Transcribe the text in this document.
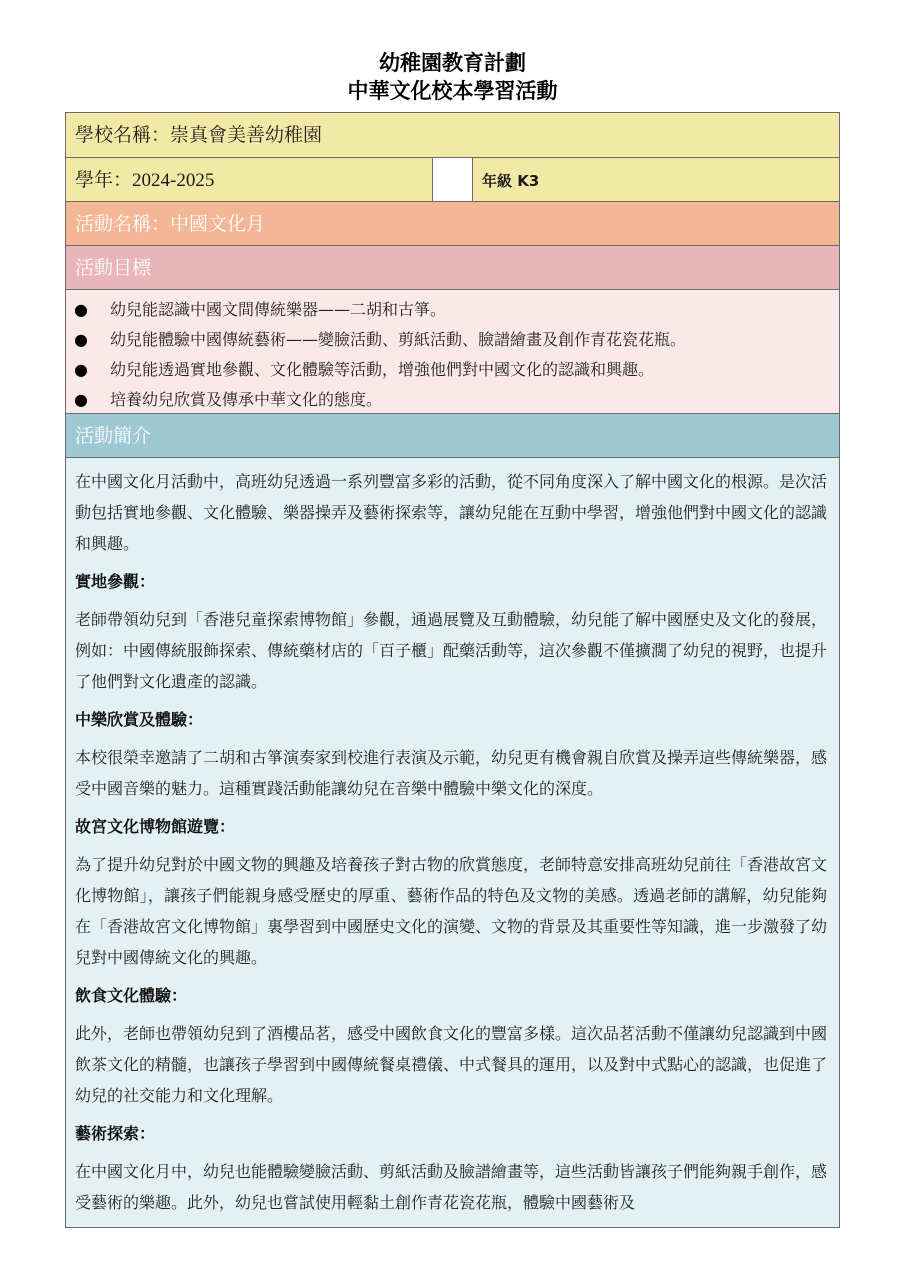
幼稚園教育計劃
中華文化校本學習活動
學校名稱：崇真會美善幼稚園
學年：2024-2025	年級 K3
活動名稱：中國文化月
活動目標
● 幼兒能認識中國文間傳統樂器——二胡和古箏。
● 幼兒能體驗中國傳統藝術——變臉活動、剪紙活動、臉譜繪畫及創作青花瓷花瓶。
● 幼兒能透過實地參觀、文化體驗等活動，增強他們對中國文化的認識和興趣。
● 培養幼兒欣賞及傳承中華文化的態度。
活動簡介

在中國文化月活動中，高班幼兒透過一系列豐富多彩的活動，從不同角度深入了解中國文化的根源。是次活動包括實地參觀、文化體驗、樂器操弄及藝術探索等，讓幼兒能在互動中學習，增強他們對中國文化的認識和興趣。

實地參觀：

老師帶領幼兒到「香港兒童探索博物館」參觀，通過展覽及互動體驗，幼兒能了解中國歷史及文化的發展，例如：中國傳統服飾探索、傳統藥材店的「百子櫃」配藥活動等，這次參觀不僅擴濶了幼兒的視野，也提升了他們對文化遺產的認識。

中樂欣賞及體驗：

本校很榮幸邀請了二胡和古箏演奏家到校進行表演及示範，幼兒更有機會親自欣賞及操弄這些傳統樂器，感受中國音樂的魅力。這種實踐活動能讓幼兒在音樂中體驗中樂文化的深度。

故宮文化博物館遊覽：

為了提升幼兒對於中國文物的興趣及培養孩子對古物的欣賞態度，老師特意安排高班幼兒前往「香港故宮文化博物館」，讓孩子們能親身感受歷史的厚重、藝術作品的特色及文物的美感。透過老師的講解，幼兒能夠在「香港故宮文化博物館」裏學習到中國歷史文化的演變、文物的背景及其重要性等知識，進一步激發了幼兒對中國傳統文化的興趣。

飲食文化體驗：

此外，老師也帶領幼兒到了酒樓品茗，感受中國飲食文化的豐富多樣。這次品茗活動不僅讓幼兒認識到中國飲茶文化的精髓，也讓孩子學習到中國傳統餐桌禮儀、中式餐具的運用，以及對中式點心的認識，也促進了幼兒的社交能力和文化理解。

藝術探索：

在中國文化月中，幼兒也能體驗變臉活動、剪紙活動及臉譜繪畫等，這些活動皆讓孩子們能夠親手創作，感受藝術的樂趣。此外，幼兒也嘗試使用輕黏土創作青花瓷花瓶，體驗中國藝術及
